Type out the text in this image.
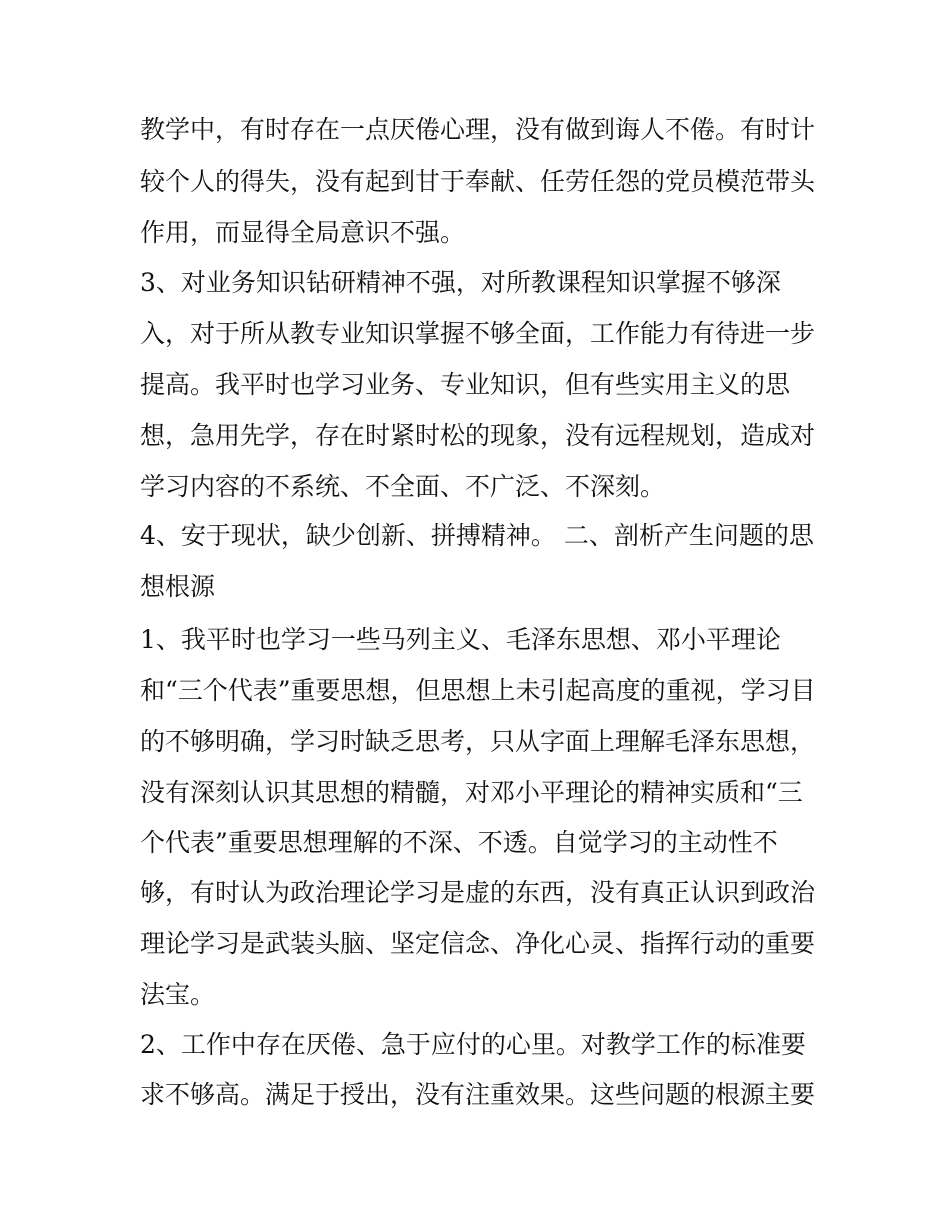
教学中，有时存在一点厌倦心理，没有做到诲人不倦。有时计

较个人的得失，没有起到甘于奉献、任劳任怨的党员模范带头

作用，而显得全局意识不强。

3、对业务知识钻研精神不强，对所教课程知识掌握不够深

入，对于所从教专业知识掌握不够全面，工作能力有待进一步

提高。我平时也学习业务、专业知识，但有些实用主义的思

想，急用先学，存在时紧时松的现象，没有远程规划，造成对

学习内容的不系统、不全面、不广泛、不深刻。

4、安于现状，缺少创新、拼搏精神。 二、剖析产生问题的思

想根源

1、我平时也学习一些马列主义、毛泽东思想、邓小平理论

和“三个代表”重要思想，但思想上未引起高度的重视，学习目

的不够明确，学习时缺乏思考，只从字面上理解毛泽东思想，

没有深刻认识其思想的精髓，对邓小平理论的精神实质和“三

个代表”重要思想理解的不深、不透。自觉学习的主动性不

够，有时认为政治理论学习是虚的东西，没有真正认识到政治

理论学习是武装头脑、坚定信念、净化心灵、指挥行动的重要

法宝。

2、工作中存在厌倦、急于应付的心里。对教学工作的标准要

求不够高。满足于授出，没有注重效果。这些问题的根源主要
